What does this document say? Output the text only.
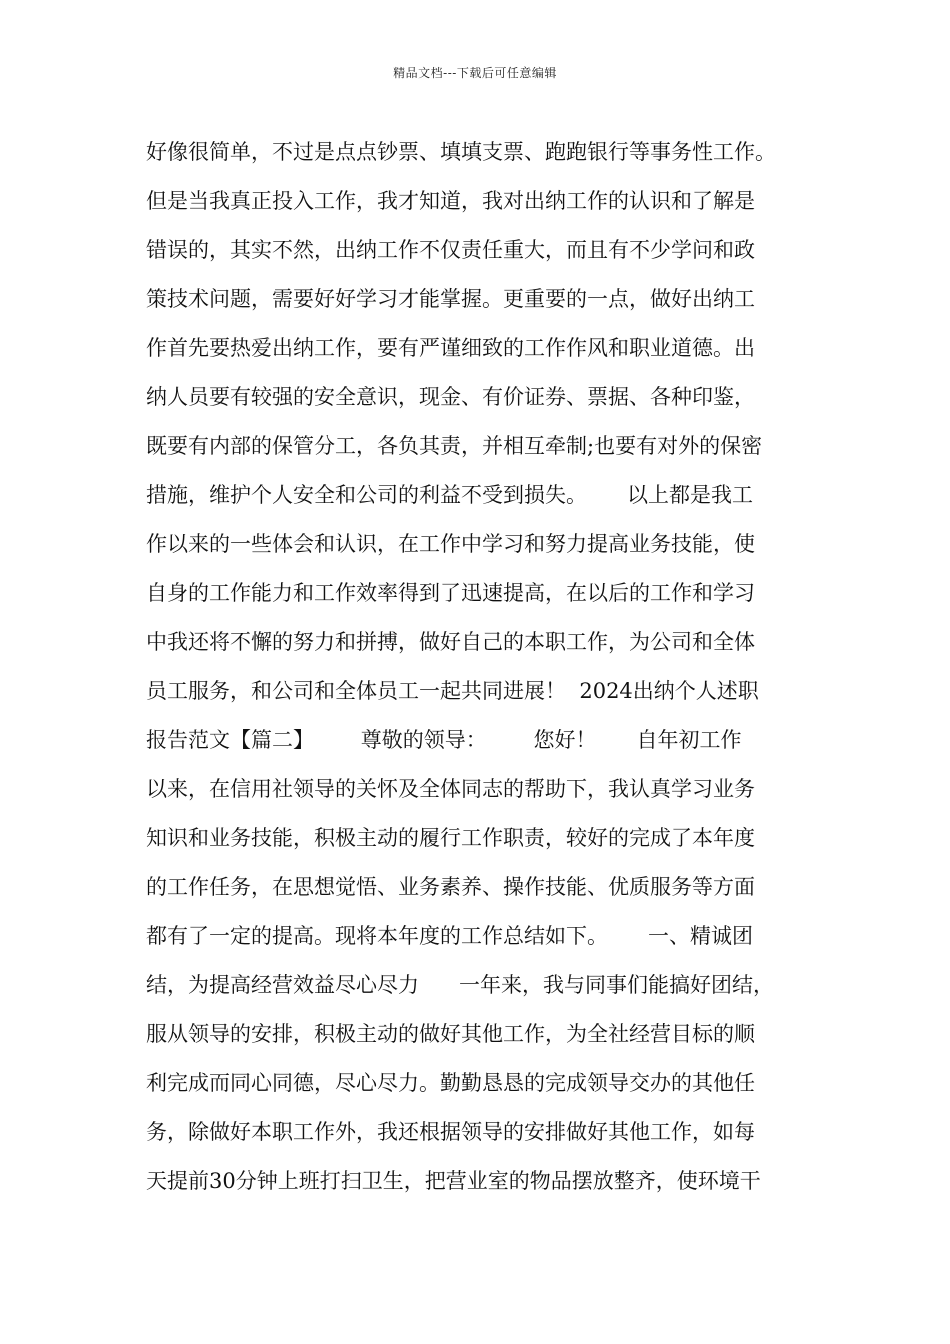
精品文档---下载后可任意编辑
好像很简单，不过是点点钞票、填填支票、跑跑银行等事务性工作。
但是当我真正投入工作，我才知道，我对出纳工作的认识和了解是
错误的，其实不然，出纳工作不仅责任重大，而且有不少学问和政
策技术问题，需要好好学习才能掌握。更重要的一点，做好出纳工
作首先要热爱出纳工作，要有严谨细致的工作作风和职业道德。出
纳人员要有较强的安全意识，现金、有价证券、票据、各种印鉴，
既要有内部的保管分工，各负其责，并相互牵制;也要有对外的保密
措施，维护个人安全和公司的利益不受到损失。      以上都是我工
作以来的一些体会和认识，在工作中学习和努力提高业务技能，使
自身的工作能力和工作效率得到了迅速提高，在以后的工作和学习
中我还将不懈的努力和拼搏，做好自己的本职工作，为公司和全体
员工服务，和公司和全体员工一起共同进展！  2024出纳个人述职
报告范文【篇二】       尊敬的领导：       您好！      自年初工作
以来，在信用社领导的关怀及全体同志的帮助下，我认真学习业务
知识和业务技能，积极主动的履行工作职责，较好的完成了本年度
的工作任务，在思想觉悟、业务素养、操作技能、优质服务等方面
都有了一定的提高。现将本年度的工作总结如下。      一、精诚团
结，为提高经营效益尽心尽力      一年来，我与同事们能搞好团结，
服从领导的安排，积极主动的做好其他工作，为全社经营目标的顺
利完成而同心同德，尽心尽力。勤勤恳恳的完成领导交办的其他任
务，除做好本职工作外，我还根据领导的安排做好其他工作，如每
天提前30分钟上班打扫卫生，把营业室的物品摆放整齐，使环境干
